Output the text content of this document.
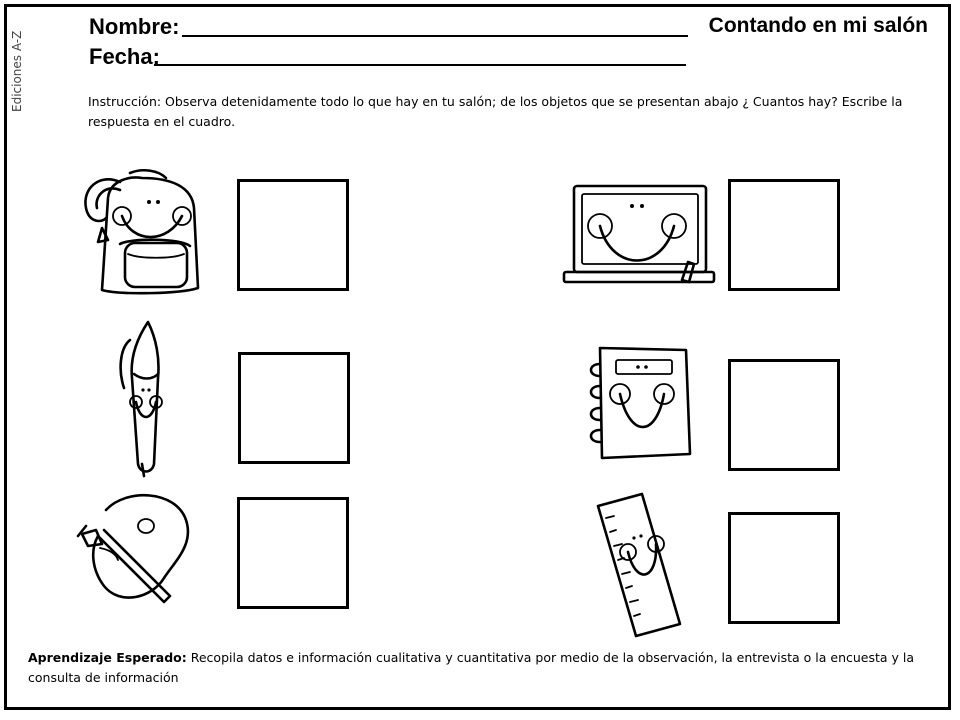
Ediciones A-Z
Nombre:
Fecha:
Contando en mi salón
Instrucción: Observa detenidamente todo lo que hay en tu salón; de los objetos que se presentan abajo ¿ Cuantos hay? Escribe la respuesta en el cuadro.
Aprendizaje Esperado: Recopila datos e información cualitativa y cuantitativa por medio de la observación, la entrevista o la encuesta y la consulta de información
